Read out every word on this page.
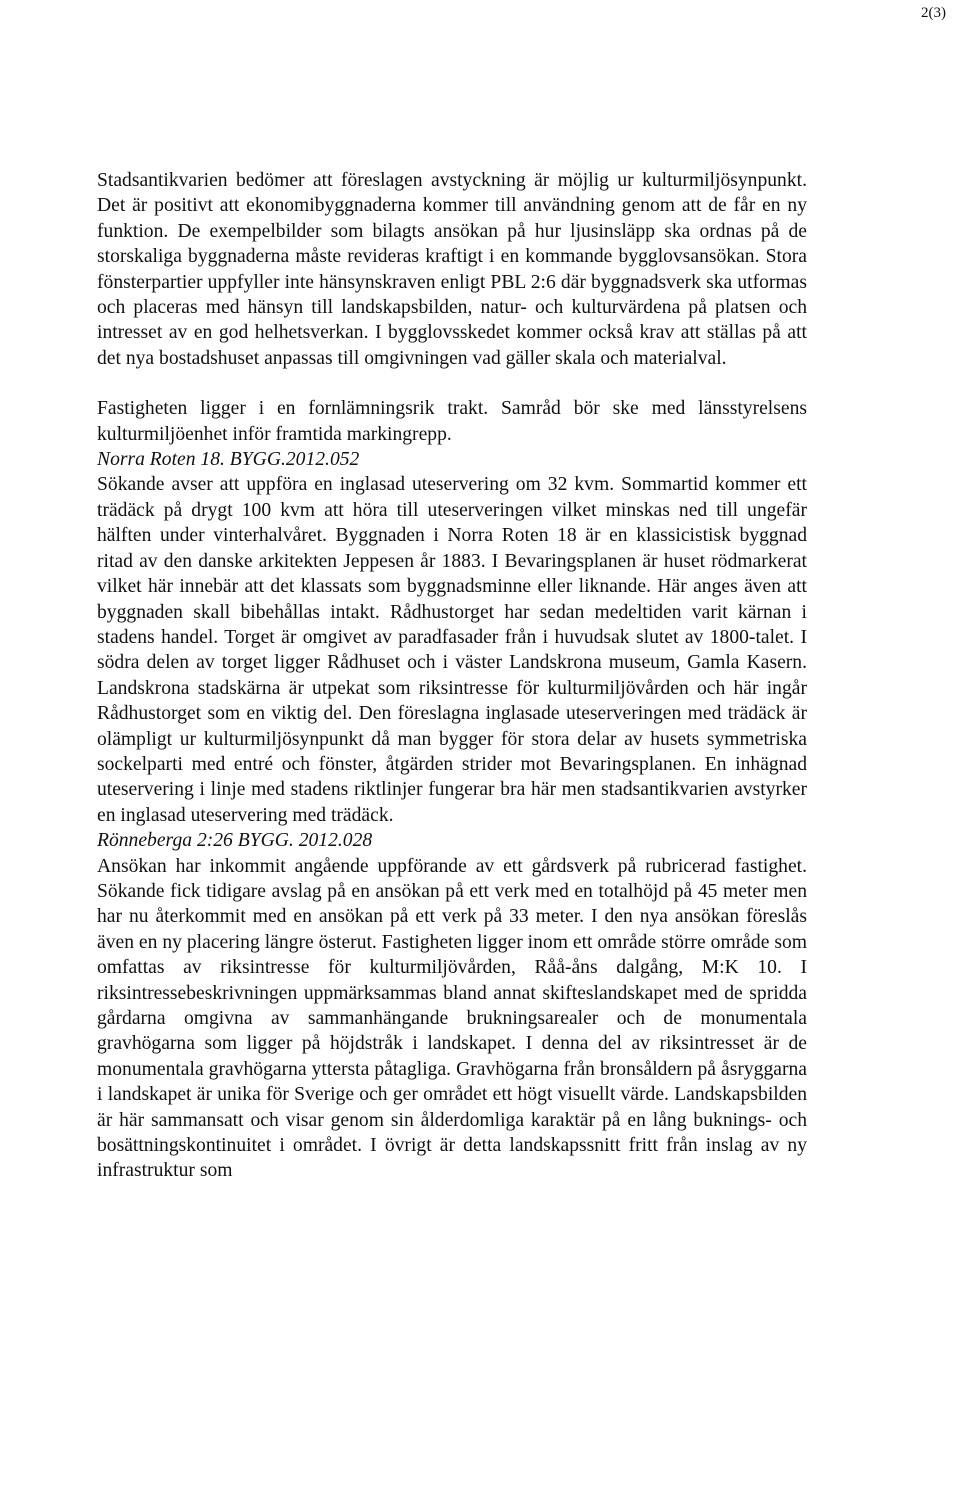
2(3)

Stadsantikvarien bedömer att föreslagen avstyckning är möjlig ur kulturmiljösynpunkt. Det är positivt att ekonomibyggnaderna kommer till användning genom att de får en ny funktion. De exempelbilder som bilagts ansökan på hur ljusinsläpp ska ordnas på de storskaliga byggnaderna måste revideras kraftigt i en kommande bygglovsansökan. Stora fönsterpartier uppfyller inte hänsynskraven enligt PBL 2:6 där byggnadsverk ska utformas och placeras med hänsyn till landskapsbilden, natur- och kulturvärdena på platsen och intresset av en god helhetsverkan. I bygglovsskedet kommer också krav att ställas på att det nya bostadshuset anpassas till omgivningen vad gäller skala och materialval.

Fastigheten ligger i en fornlämningsrik trakt. Samråd bör ske med länsstyrelsens kulturmiljöenhet inför framtida markingrepp.

Norra Roten 18. BYGG.2012.052

Sökande avser att uppföra en inglasad uteservering om 32 kvm. Sommartid kommer ett trädäck på drygt 100 kvm att höra till uteserveringen vilket minskas ned till ungefär hälften under vinterhalvåret. Byggnaden i Norra Roten 18 är en klassicistisk byggnad ritad av den danske arkitekten Jeppesen år 1883. I Bevaringsplanen är huset rödmarkerat vilket här innebär att det klassats som byggnadsminne eller liknande. Här anges även att byggnaden skall bibehållas intakt. Rådhustorget har sedan medeltiden varit kärnan i stadens handel. Torget är omgivet av paradfasader från i huvudsak slutet av 1800-talet. I södra delen av torget ligger Rådhuset och i väster Landskrona museum, Gamla Kasern. Landskrona stadskärna är utpekat som riksintresse för kulturmiljövården och här ingår Rådhustorget som en viktig del. Den föreslagna inglasade uteserveringen med trädäck är olämpligt ur kulturmiljösynpunkt då man bygger för stora delar av husets symmetriska sockelparti med entré och fönster, åtgärden strider mot Bevaringsplanen. En inhägnad uteservering i linje med stadens riktlinjer fungerar bra här men stadsantikvarien avstyrker en inglasad uteservering med trädäck.

Rönneberga 2:26 BYGG. 2012.028

Ansökan har inkommit angående uppförande av ett gårdsverk på rubricerad fastighet. Sökande fick tidigare avslag på en ansökan på ett verk med en totalhöjd på 45 meter men har nu återkommit med en ansökan på ett verk på 33 meter. I den nya ansökan föreslås även en ny placering längre österut. Fastigheten ligger inom ett område större område som omfattas av riksintresse för kulturmiljövården, Råå-åns dalgång, M:K 10. I riksintressebeskrivningen uppmärksammas bland annat skifteslandskapet med de spridda gårdarna omgivna av sammanhängande brukningsarealer och de monumentala gravhögarna som ligger på höjdstråk i landskapet. I denna del av riksintresset är de monumentala gravhögarna yttersta påtagliga. Gravhögarna från bronsåldern på åsryggarna i landskapet är unika för Sverige och ger området ett högt visuellt värde. Landskapsbilden är här sammansatt och visar genom sin ålderdomliga karaktär på en lång buknings- och bosättningskontinuitet i området. I övrigt är detta landskapssnitt fritt från inslag av ny infrastruktur som
